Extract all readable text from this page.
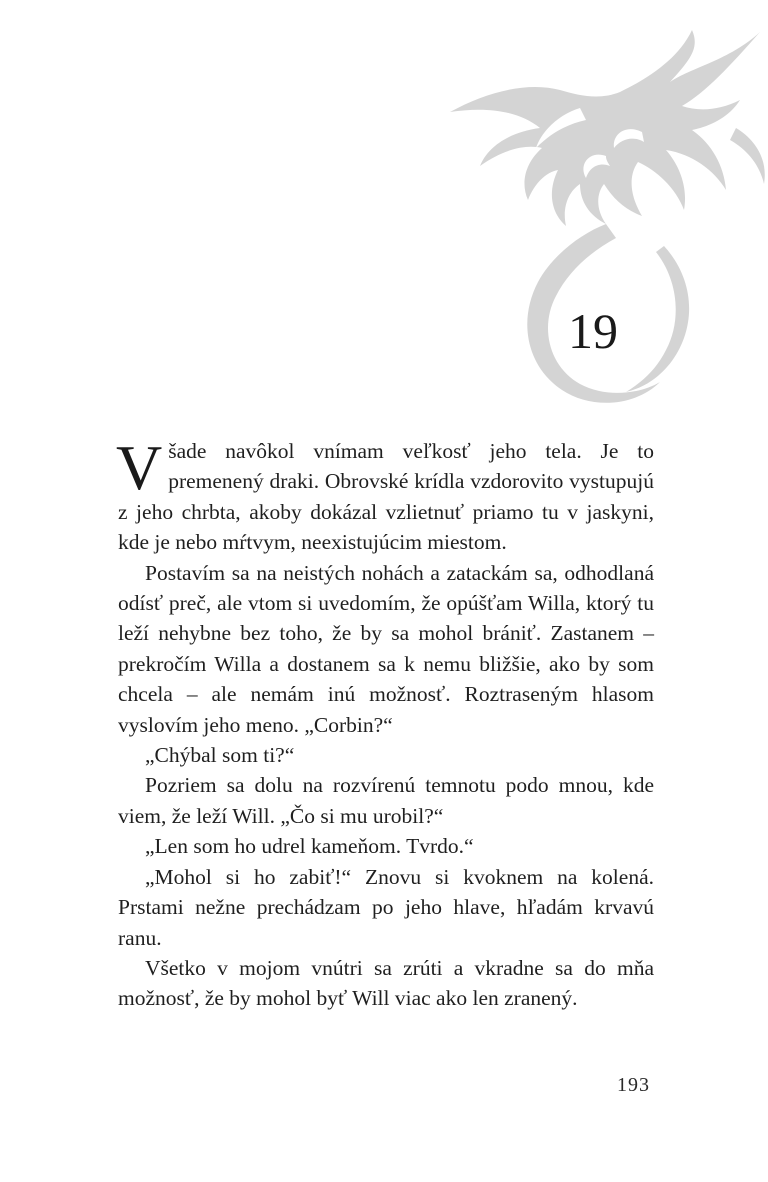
19

Všade navôkol vnímam veľkosť jeho tela. Je to premenený draki. Obrovské krídla vzdorovito vystupujú z jeho chrbta, akoby dokázal vzlietnuť priamo tu v jaskyni, kde je nebo mŕtvym, neexistujúcim miestom.

Postavím sa na neistých nohách a zatackám sa, odhodlaná odísť preč, ale vtom si uvedomím, že opúšťam Willa, ktorý tu leží nehybne bez toho, že by sa mohol brániť. Zastanem – prekročím Willa a dostanem sa k nemu bližšie, ako by som chcela – ale nemám inú možnosť. Roztraseným hlasom vyslovím jeho meno. „Corbin?“

„Chýbal som ti?“

Pozriem sa dolu na rozvírenú temnotu podo mnou, kde viem, že leží Will. „Čo si mu urobil?“

„Len som ho udrel kameňom. Tvrdo.“

„Mohol si ho zabiť!“ Znovu si kvoknem na kolená. Prstami nežne prechádzam po jeho hlave, hľadám krvavú ranu.

Všetko v mojom vnútri sa zrúti a vkradne sa do mňa možnosť, že by mohol byť Will viac ako len zranený.

193
